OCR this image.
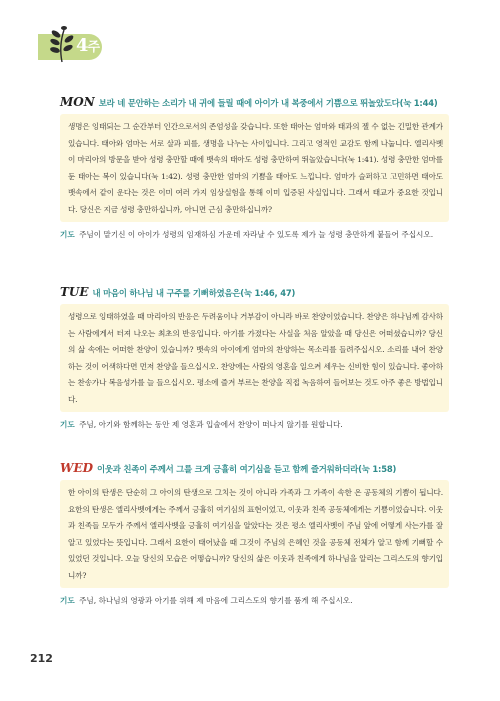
4주
MON 보라 네 문안하는 소리가 내 귀에 들릴 때에 아이가 내 복중에서 기쁨으로 뛰놀았도다(눅 1:44)
생명은 잉태되는 그 순간부터 인간으로서의 존엄성을 갖습니다. 또한 태아는 엄마와 태과의 젤 수 없는 긴밀한 관계가 있습니다. 태아와 엄마는 서로 살과 피를, 생명을 나누는 사이입니다. 그리고 영적인 교감도 함께 나눕니다. 엘리사벳이 마리아의 방문을 받아 성령 충만할 때에 뱃속의 태아도 성령 충만하여 뛰놀았습니다(눅 1:41). 성령 충만한 엄마를 둔 태아는 복이 있습니다(눅 1:42). 성령 충만한 엄마의 기쁨을 태아도 느낍니다. 엄마가 슬퍼하고 고민하면 태아도 뱃속에서 같이 운다는 것은 이미 여러 가지 임상실험을 통해 이미 입증된 사실입니다. 그래서 태교가 중요한 것입니다. 당신은 지금 성령 충만하십니까, 아니면 근심 충만하십니까?
기도 주님이 맡기신 이 아이가 성령의 임재하심 가운데 자라날 수 있도록 제가 늘 성령 충만하게 붙들어 주십시오.
TUE 내 마음이 하나님 내 구주를 기뻐하였음은(눅 1:46, 47)
성령으로 잉태하였을 때 마리아의 반응은 두려움이나 거부감이 아니라 바로 찬양이었습니다. 찬양은 하나님께 감사하는 사람에게서 터져 나오는 최초의 반응입니다. 아기를 가졌다는 사실을 처음 알았을 때 당신은 어떠셨습니까? 당신의 삶 속에는 어떠한 찬양이 있습니까? 뱃속의 아이에게 엄마의 찬양하는 목소리를 들려주십시오. 소리를 내어 찬양하는 것이 어색하다면 먼저 찬양을 들으십시오. 찬양에는 사람의 영혼을 일으켜 세우는 신비한 힘이 있습니다. 좋아하는 찬송가나 복음성가를 늘 들으십시오. 평소에 즐겨 부르는 찬양을 직접 녹음하여 들어보는 것도 아주 좋은 방법입니다.
기도 주님, 아기와 함께하는 동안 제 영혼과 입술에서 찬양이 떠나지 않기를 원합니다.
WED 이웃과 친족이 주께서 그를 크게 긍휼히 여기심을 듣고 함께 즐거워하더라(눅 1:58)
한 아이의 탄생은 단순히 그 아이의 탄생으로 그치는 것이 아니라 가족과 그 가족이 속한 온 공동체의 기쁨이 됩니다. 요한의 탄생은 엘리사벳에게는 주께서 긍휼히 여기심의 표현이었고, 이웃과 친족 공동체에게는 기쁨이었습니다. 이웃과 친족들 모두가 주께서 엘리사벳을 긍휼히 여기심을 알았다는 것은 평소 엘리사벳이 주님 앞에 어떻게 사는가를 잘 알고 있었다는 뜻입니다. 그래서 요한이 태어났을 때 그것이 주님의 은혜인 것을 공동체 전체가 알고 함께 기뻐할 수 있었던 것입니다. 오늘 당신의 모습은 어떻습니까? 당신의 삶은 이웃과 친족에게 하나님을 알리는 그리스도의 향기입니까?
기도 주님, 하나님의 영광과 아기를 위해 제 마음에 그리스도의 향기를 품게 해 주십시오.
212
